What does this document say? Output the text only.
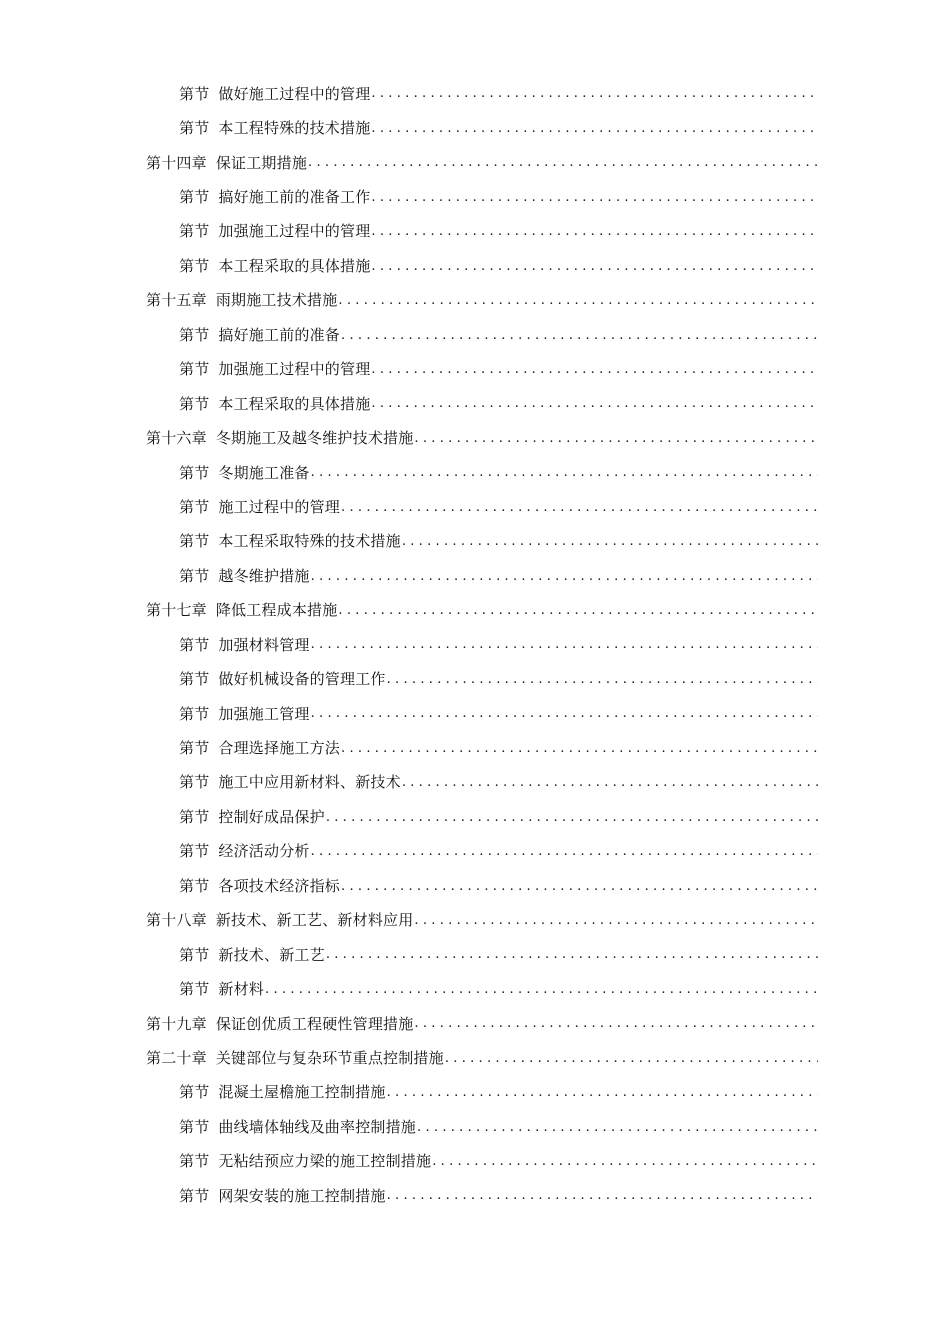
第节 做好施工过程中的管理
.....
第节 本工程特殊的技术措施
.....
第十四章 保证工期措施
.....
第节 搞好施工前的准备工作
.....
第节 加强施工过程中的管理
.....
第节 本工程采取的具体措施
.....
第十五章 雨期施工技术措施
.....
第节 搞好施工前的准备
.....
第节 加强施工过程中的管理
.....
第节 本工程采取的具体措施
.....
第十六章 冬期施工及越冬维护技术措施
.....
第节 冬期施工准备
.....
第节 施工过程中的管理
.....
第节 本工程采取特殊的技术措施
.....
第节 越冬维护措施
.....
第十七章 降低工程成本措施
.....
第节 加强材料管理
.....
第节 做好机械设备的管理工作
.....
第节 加强施工管理
.....
第节 合理选择施工方法
.....
第节 施工中应用新材料、新技术
.....
第节 控制好成品保护
.....
第节 经济活动分析
.....
第节 各项技术经济指标
.....
第十八章 新技术、新工艺、新材料应用
.....
第节 新技术、新工艺
.....
第节 新材料
.....
第十九章 保证创优质工程硬性管理措施
.....
第二十章 关键部位与复杂环节重点控制措施
.....
第节 混凝土屋檐施工控制措施
.....
第节 曲线墙体轴线及曲率控制措施
.....
第节 无粘结预应力梁的施工控制措施
.....
第节 网架安装的施工控制措施
.....
